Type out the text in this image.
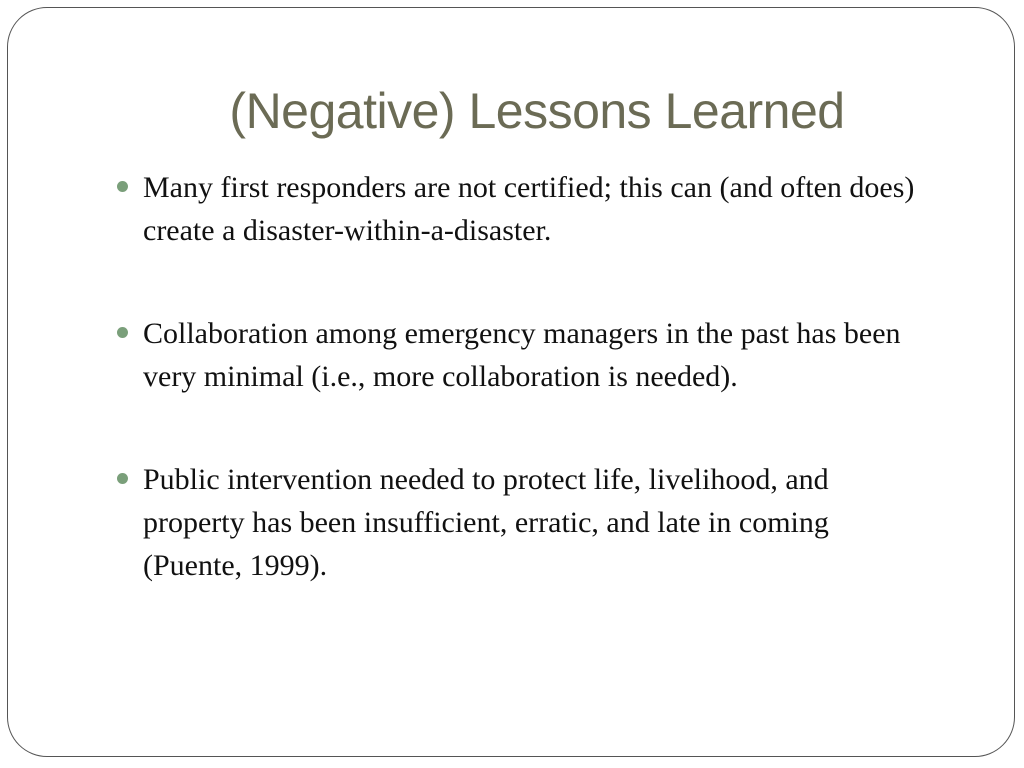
(Negative) Lessons Learned
Many first responders are not certified; this can (and often does) create a disaster-within-a-disaster.
Collaboration among emergency managers in the past has been very minimal (i.e., more collaboration is needed).
Public intervention needed to protect life, livelihood, and property has been insufficient, erratic, and late in coming (Puente, 1999).
